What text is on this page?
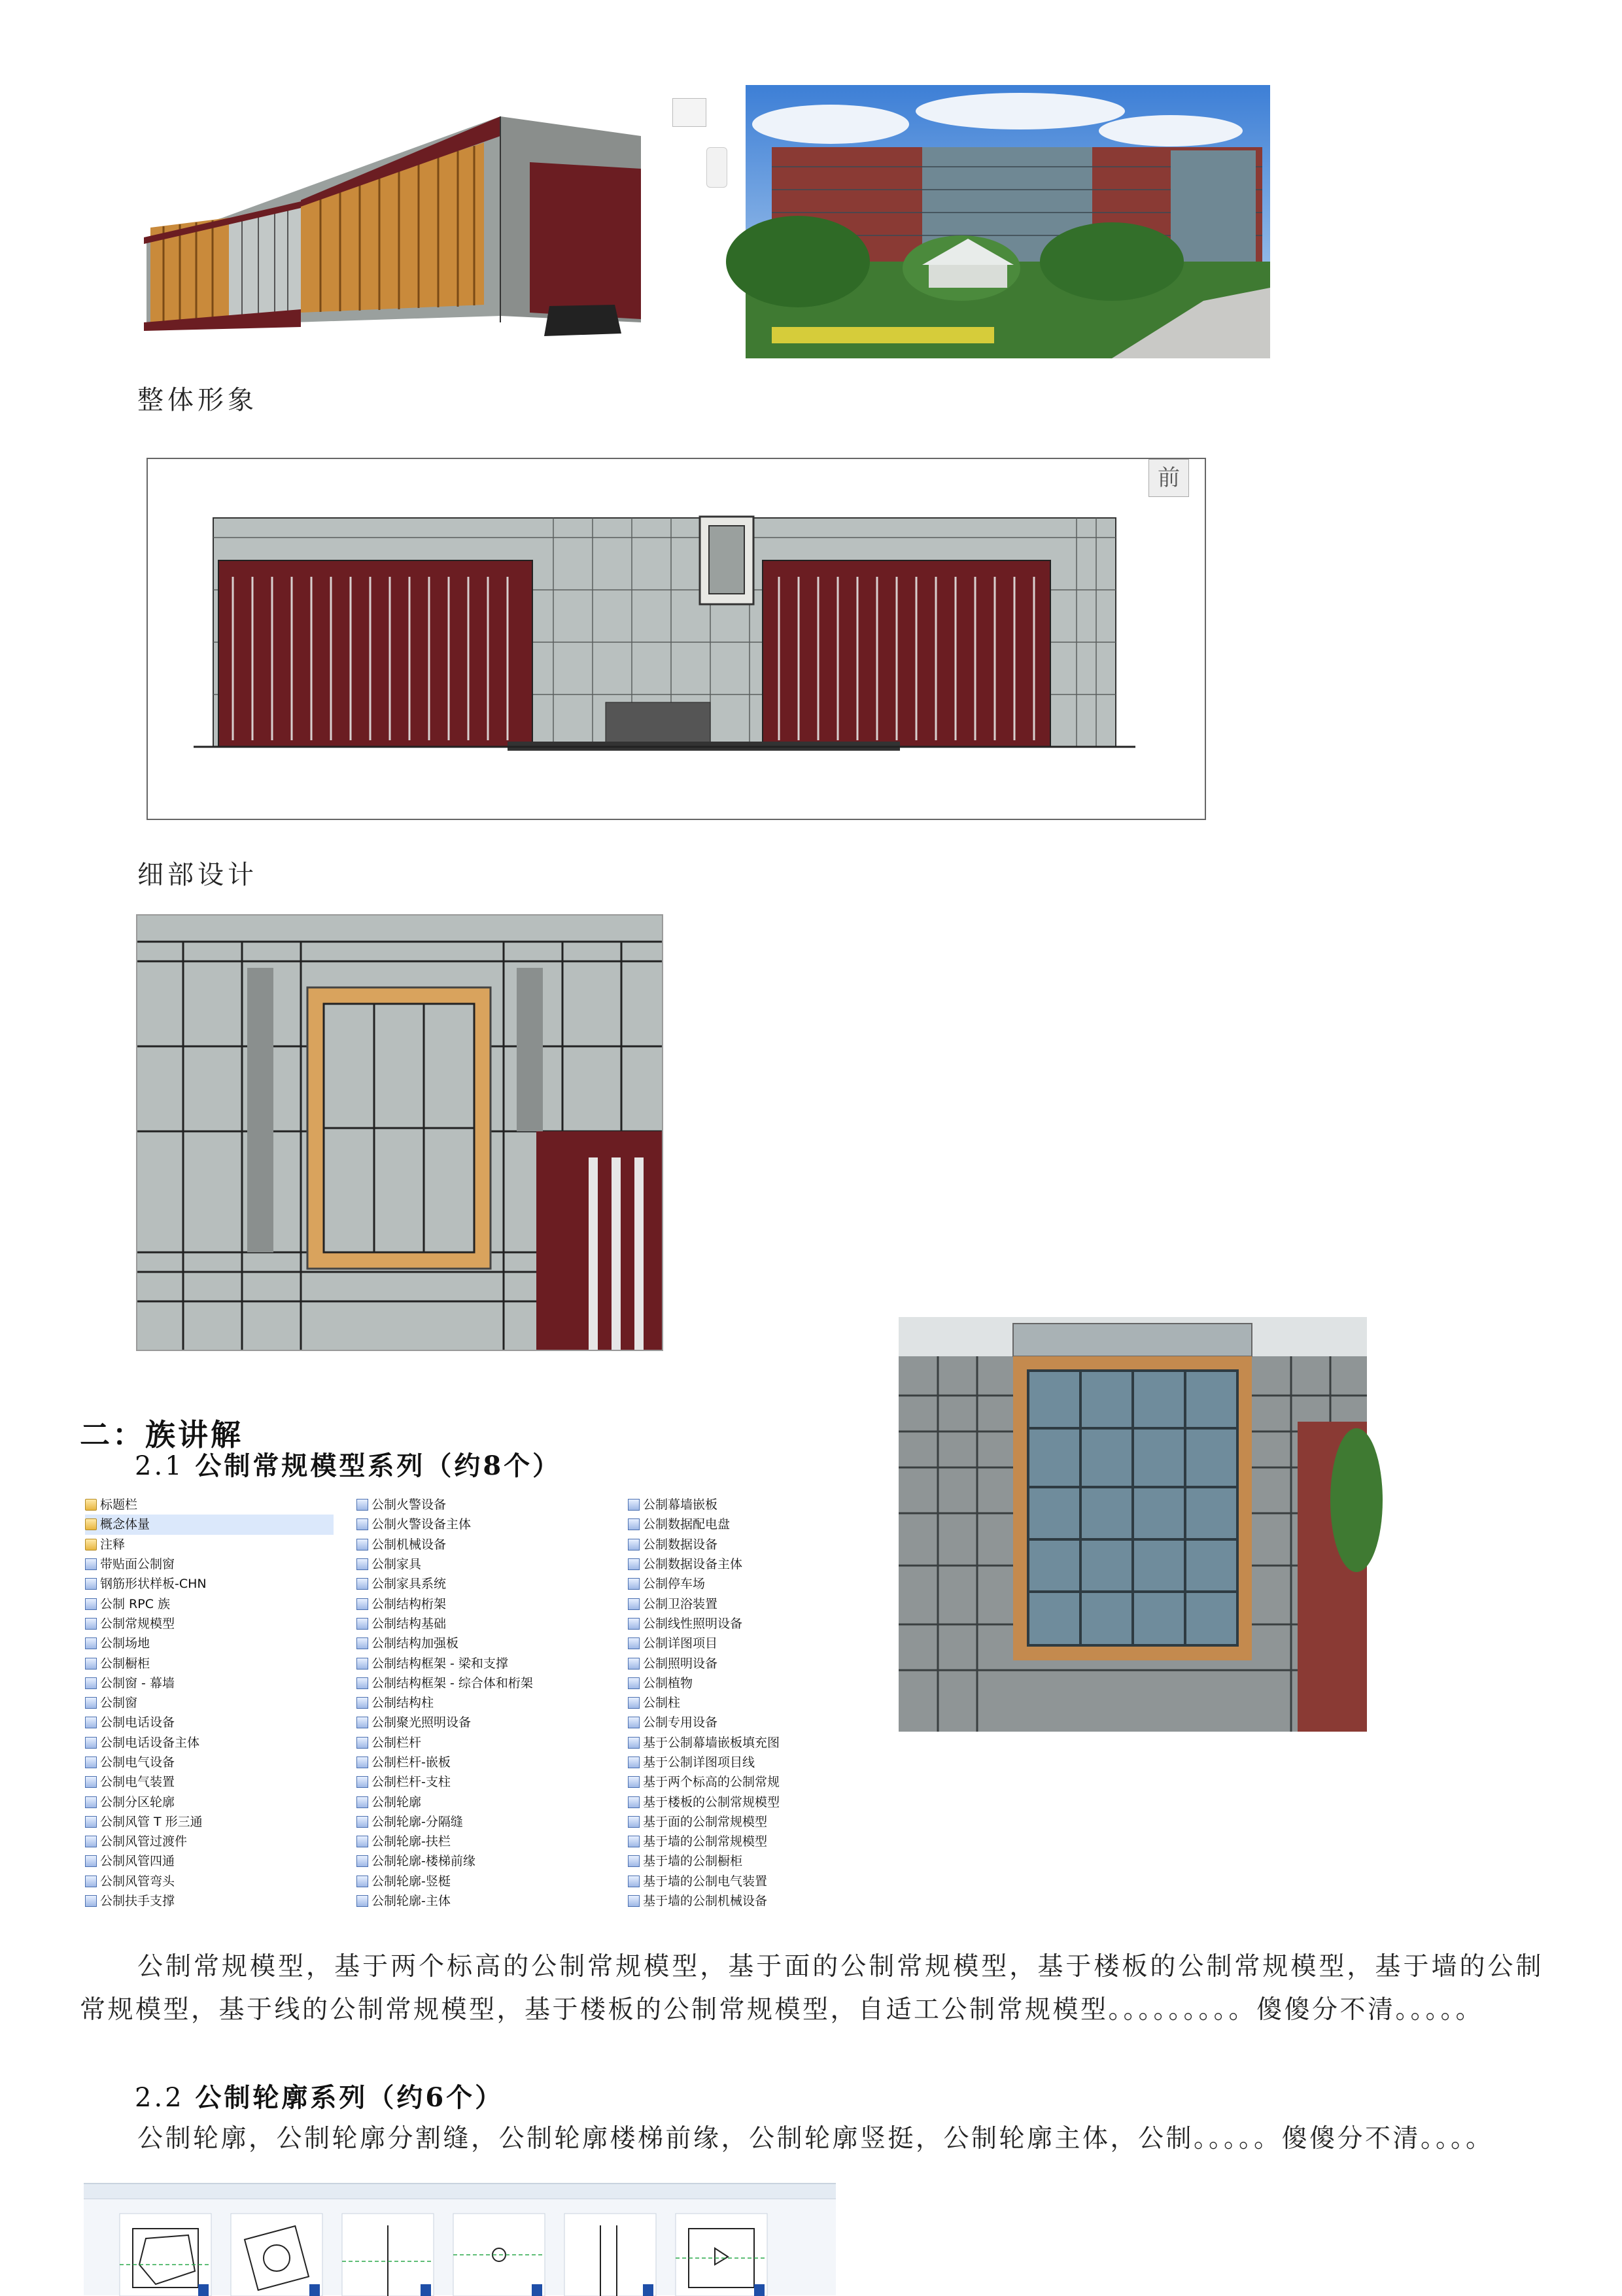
整体形象
前
细部设计
二：族讲解
2.1 公制常规模型系列（约8个）
标题栏
概念体量
注释
带贴面公制窗
钢筋形状样板-CHN
公制 RPC 族
公制常规模型
公制场地
公制橱柜
公制窗 - 幕墙
公制窗
公制电话设备
公制电话设备主体
公制电气设备
公制电气装置
公制分区轮廓
公制风管 T 形三通
公制风管过渡件
公制风管四通
公制风管弯头
公制扶手支撑
公制火警设备
公制火警设备主体
公制机械设备
公制家具
公制家具系统
公制结构桁架
公制结构基础
公制结构加强板
公制结构框架 - 梁和支撑
公制结构框架 - 综合体和桁架
公制结构柱
公制聚光照明设备
公制栏杆
公制栏杆-嵌板
公制栏杆-支柱
公制轮廓
公制轮廓-分隔缝
公制轮廓-扶栏
公制轮廓-楼梯前缘
公制轮廓-竖梃
公制轮廓-主体
公制幕墙嵌板
公制数据配电盘
公制数据设备
公制数据设备主体
公制停车场
公制卫浴装置
公制线性照明设备
公制详图项目
公制照明设备
公制植物
公制柱
公制专用设备
基于公制幕墙嵌板填充图
基于公制详图项目线
基于两个标高的公制常规
基于楼板的公制常规模型
基于面的公制常规模型
基于墙的公制常规模型
基于墙的公制橱柜
基于墙的公制电气装置
基于墙的公制机械设备
公制常规模型，基于两个标高的公制常规模型，基于面的公制常规模型，基于楼板的公制常规模型，基于墙的公制常规模型，基于线的公制常规模型，基于楼板的公制常规模型，自适工公制常规模型。。。。。。。。。傻傻分不清。。。。。
2.2 公制轮廓系列（约6个）
公制轮廓，公制轮廓分割缝，公制轮廓楼梯前缘，公制轮廓竖挺，公制轮廓主体，公制。。。。。傻傻分不清。。。。
